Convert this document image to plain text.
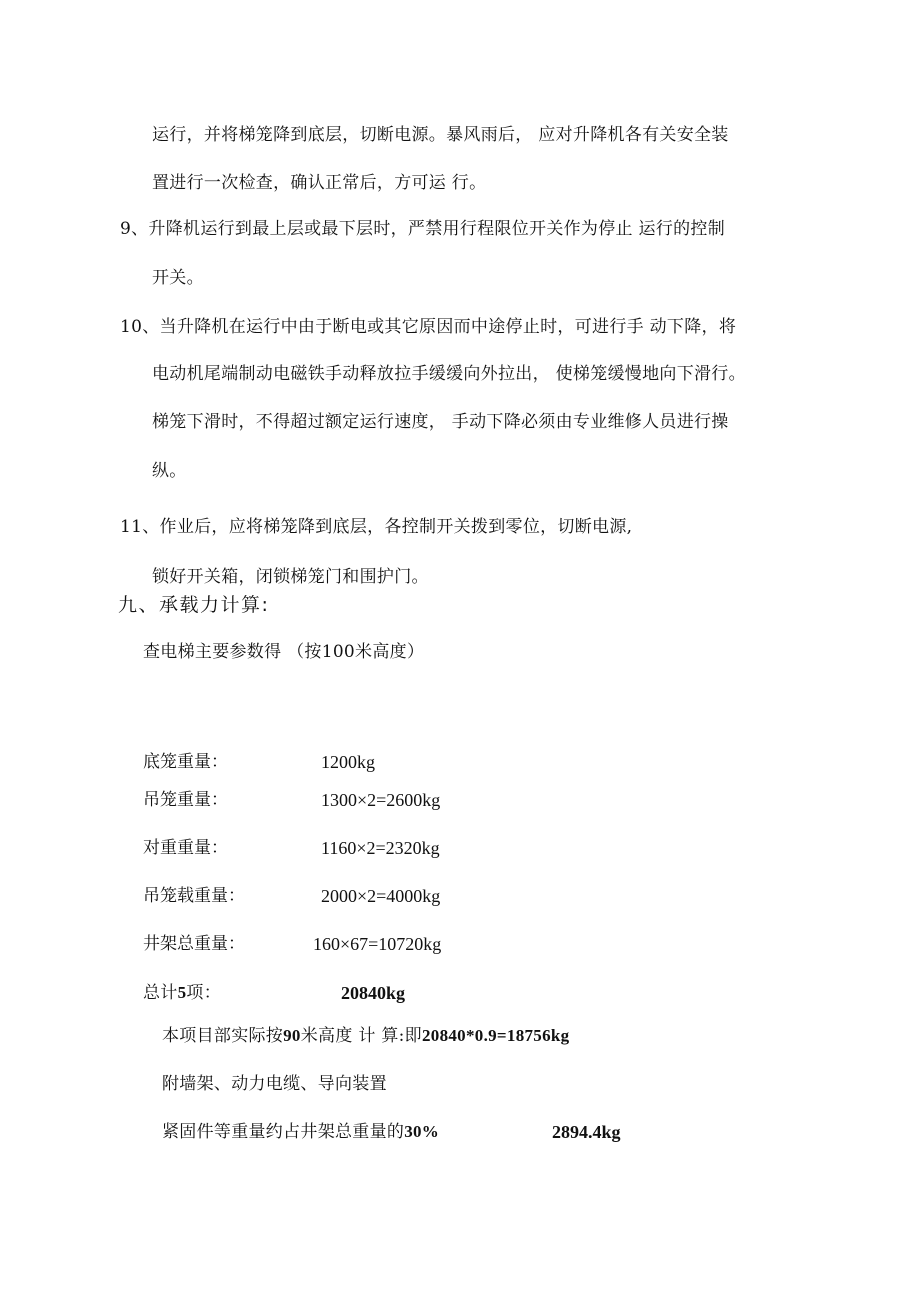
运行，并将梯笼降到底层，切断电源。暴风雨后， 应对升降机各有关安全装
置进行一次检查，确认正常后，方可运 行。
9、升降机运行到最上层或最下层时，严禁用行程限位开关作为停止 运行的控制
开关。
10、当升降机在运行中由于断电或其它原因而中途停止时，可进行手 动下降，将
电动机尾端制动电磁铁手动释放拉手缓缓向外拉出， 使梯笼缓慢地向下滑行。
梯笼下滑时，不得超过额定运行速度， 手动下降必须由专业维修人员进行操
纵。
11、作业后，应将梯笼降到底层，各控制开关拨到零位，切断电源,
锁好开关箱，闭锁梯笼门和围护门。
九、承载力计算:
查电梯主要参数得 （按100米高度）
底笼重量：	1200kg
吊笼重量：	1300×2=2600kg
对重重量：	1160×2=2320kg
吊笼载重量：	2000×2=4000kg
井架总重量：	160×67=10720kg
总计5项：	20840kg
本项目部实际按90米高度 计 算:即20840*0.9=18756kg
附墙架、动力电缆、导向装置
紧固件等重量约占井架总重量的30%	2894.4kg
